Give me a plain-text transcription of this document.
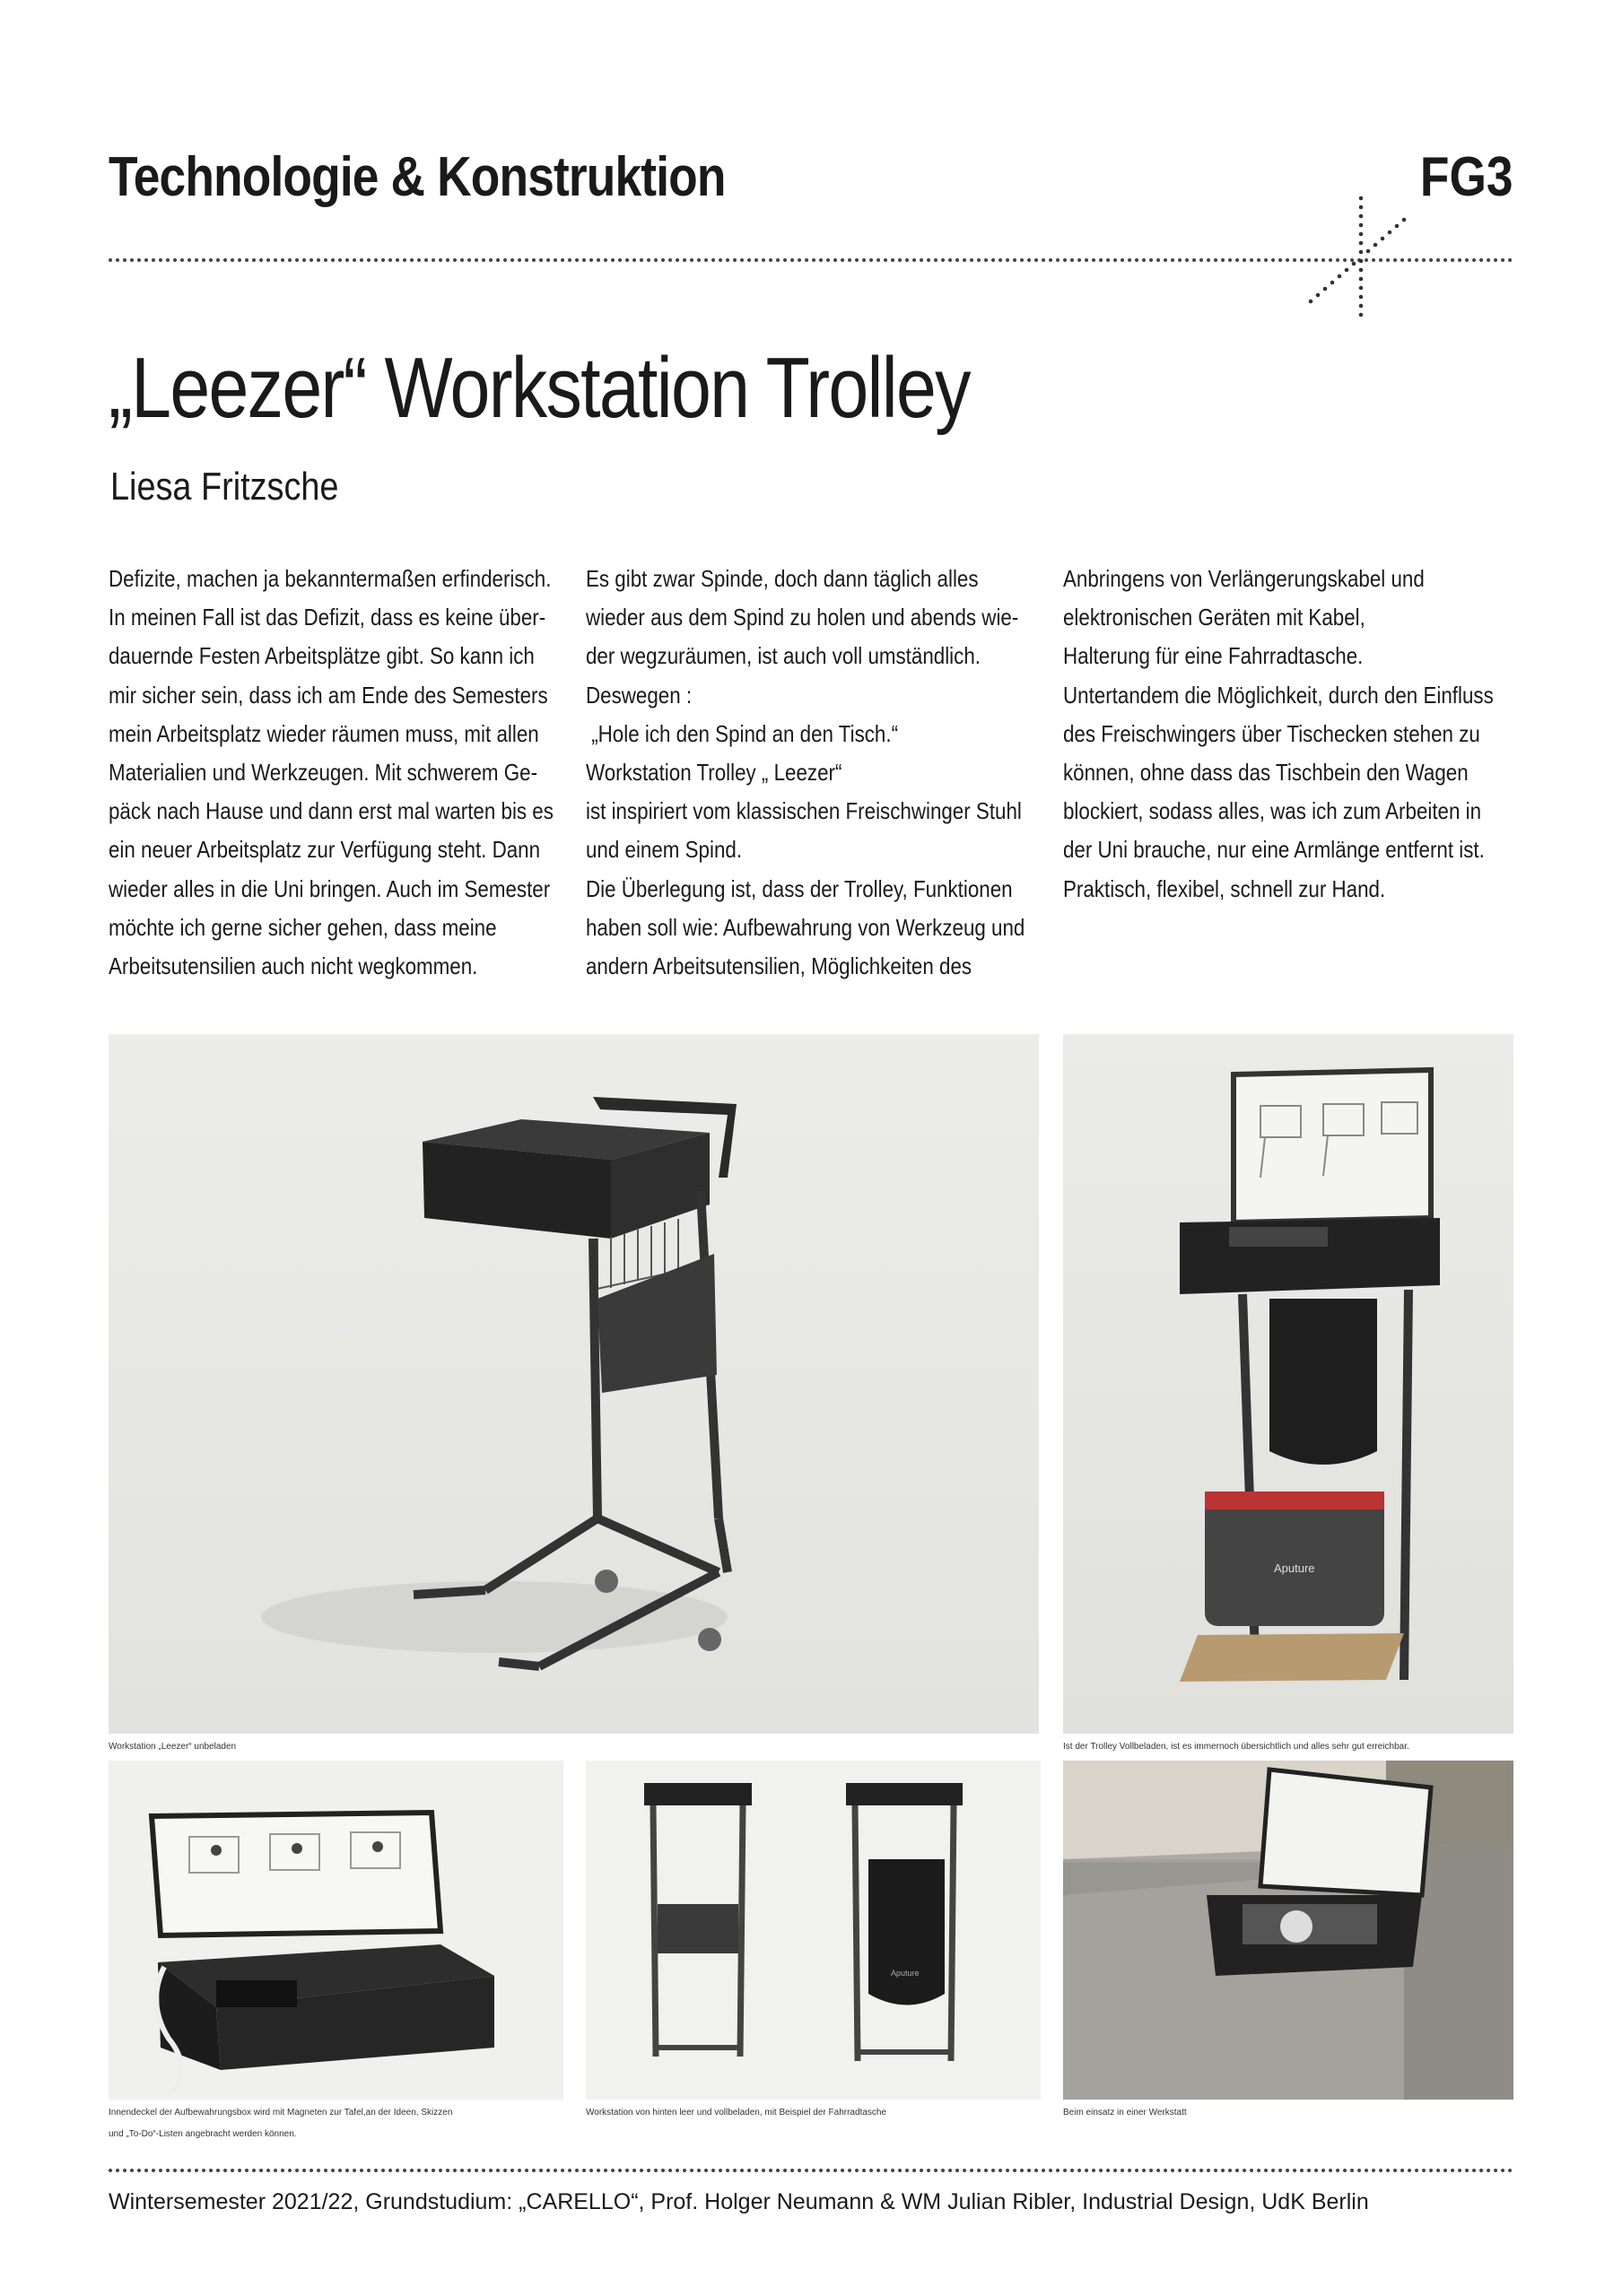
Technologie & Konstruktion	FG3
„Leezer“ Workstation Trolley
Liesa Fritzsche
Defizite, machen ja bekanntermaßen erfinderisch.
In meinen Fall ist das Defizit, dass es keine über-
dauernde Festen Arbeitsplätze gibt. So kann ich
mir sicher sein, dass ich am Ende des Semesters
mein Arbeitsplatz wieder räumen muss, mit allen
Materialien und Werkzeugen. Mit schwerem Ge-
päck nach Hause und dann erst mal warten bis es
ein neuer Arbeitsplatz zur Verfügung steht. Dann
wieder alles in die Uni bringen. Auch im Semester
möchte ich gerne sicher gehen, dass meine
Arbeitsutensilien auch nicht wegkommen.
Es gibt zwar Spinde, doch dann täglich alles
wieder aus dem Spind zu holen und abends wie-
der wegzuräumen, ist auch voll umständlich.
Deswegen :
„Hole ich den Spind an den Tisch.“
Workstation Trolley „ Leezer“
ist inspiriert vom klassischen Freischwinger Stuhl
und einem Spind.
Die Überlegung ist, dass der Trolley, Funktionen
haben soll wie: Aufbewahrung von Werkzeug und
andern Arbeitsutensilien, Möglichkeiten des
Anbringens von Verlängerungskabel und
elektronischen Geräten mit Kabel,
Halterung für eine Fahrradtasche.
Untertandem die Möglichkeit, durch den Einfluss
des Freischwingers über Tischecken stehen zu
können, ohne dass das Tischbein den Wagen
blockiert, sodass alles, was ich zum Arbeiten in
der Uni brauche, nur eine Armlänge entfernt ist.
Praktisch, flexibel, schnell zur Hand.
Workstation „Leezer“ unbeladen
Aputure
Ist der Trolley Vollbeladen, ist es immernoch übersichtlich und alles sehr gut erreichbar.
Innendeckel der Aufbewahrungsbox wird mit Magneten zur Tafel,an der Ideen, Skizzen
und „To-Do“-Listen angebracht werden können.
Aputure
Workstation von hinten leer und vollbeladen, mit Beispiel der Fahrradtasche	Beim einsatz in einer Werkstatt
Wintersemester 2021/22, Grundstudium: „CARELLO“, Prof. Holger Neumann & WM Julian Ribler, Industrial Design, UdK Berlin
